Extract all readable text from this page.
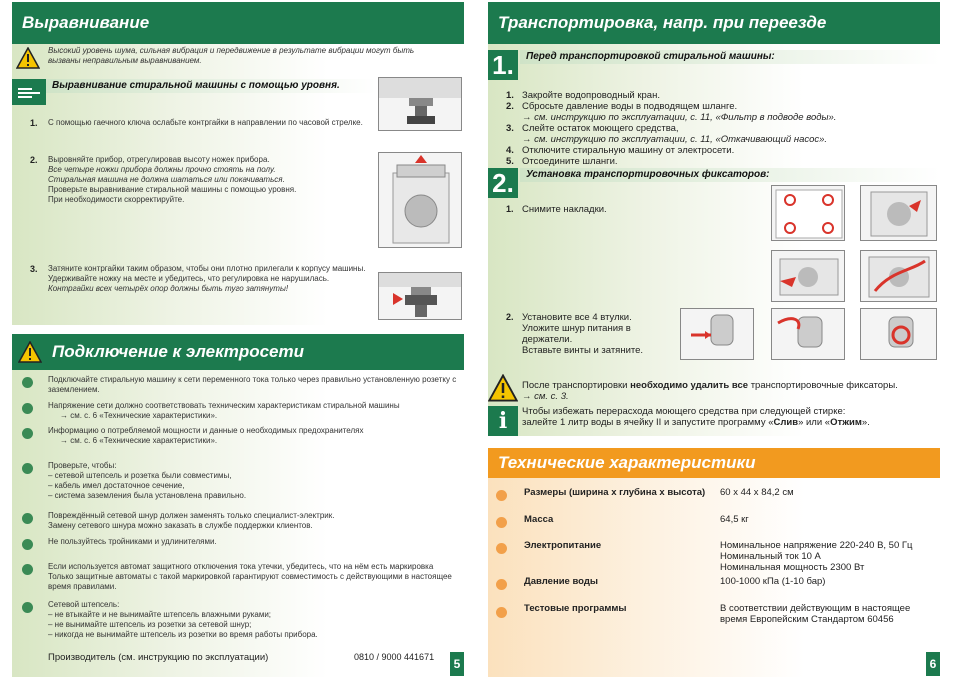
Выравнивание
Высокий уровень шума, сильная вибрация и передвижение в результате вибрации могут быть вызваны неправильным выравниванием.
Выравнивание стиральной машины с помощью уровня.
1. С помощью гаечного ключа ослабьте контргайки в направлении по часовой стрелке.
2. Выровняйте прибор, отрегулировав высоту ножек прибора.
Все четыре ножки прибора должны прочно стоять на полу.
Стиральная машина не должна шататься или покачиваться.
Проверьте выравнивание стиральной машины с помощью уровня.
При необходимости скорректируйте.
3. Затяните контргайки таким образом, чтобы они плотно прилегали к корпусу машины.
Удерживайте ножку на месте и убедитесь, что регулировка не нарушилась.
Контргайки всех четырёх опор должны быть туго затянуты!
Подключение к электросети
Подключайте стиральную машину к сети переменного тока только через правильно установленную розетку с
заземлением.
Напряжение сети должно соответствовать техническим характеристикам стиральной машины
→ см. с. 6 «Технические характеристики».
Информацию о потребляемой мощности и данные о необходимых предохранителях
→ см. с. 6 «Технические характеристики».
Проверьте, чтобы:
– сетевой штепсель и розетка были совместимы,
– кабель имел достаточное сечение,
– система заземления была установлена правильно.
Повреждённый сетевой шнур должен заменять только специалист-электрик.
Замену сетевого шнура можно заказать в службе поддержки клиентов.
Не пользуйтесь тройниками и удлинителями.
Если используется автомат защитного отключения тока утечки, убедитесь, что на нём есть маркировка
Только защитные автоматы с такой маркировкой гарантируют совместимость с действующими в настоящее
время правилами.
Сетевой штепсель:
– не втыкайте и не вынимайте штепсель влажными руками;
– не вынимайте штепсель из розетки за сетевой шнур;
– никогда не вынимайте штепсель из розетки во время работы прибора.
Производитель (см. инструкцию по эксплуатации)	0810 / 9000 441671	5
Транспортировка, напр. при переезде
1.	Перед транспортировкой стиральной машины:
1. Закройте водопроводный кран.
2. Сбросьте давление воды в подводящем шланге.
→ см. инструкцию по эксплуатации, с. 11, «Фильтр в подводе воды».
3. Слейте остаток моющего средства,
→ см. инструкцию по эксплуатации, с. 11, «Откачивающий насос».
4. Отключите стиральную машину от электросети.
5. Отсоедините шланги.
2.	Установка транспортировочных фиксаторов:
1. Снимите накладки.
2. Установите все 4 втулки.
Уложите шнур питания в
держатели.
Вставьте винты и затяните.
После транспортировки необходимо удалить все транспортировочные фиксаторы.
→ см. с. 3.
i	Чтобы избежать перерасхода моющего средства при следующей стирке:
залейте 1 литр воды в ячейку II и запустите программу «Слив» или «Отжим».
Технические характеристики
Размеры (ширина х глубина х высота) 60 х 44 х 84,2 см
Масса	64,5 кг
Электропитание	Номинальное напряжение 220-240 В, 50 Гц
Номинальный ток 10 А
Номинальная мощность 2300 Вт
Давление воды	100-1000 кПа (1-10 бар)
Тестовые программы	В соответствии действующим в настоящее
время Европейским Стандартом 60456
6
